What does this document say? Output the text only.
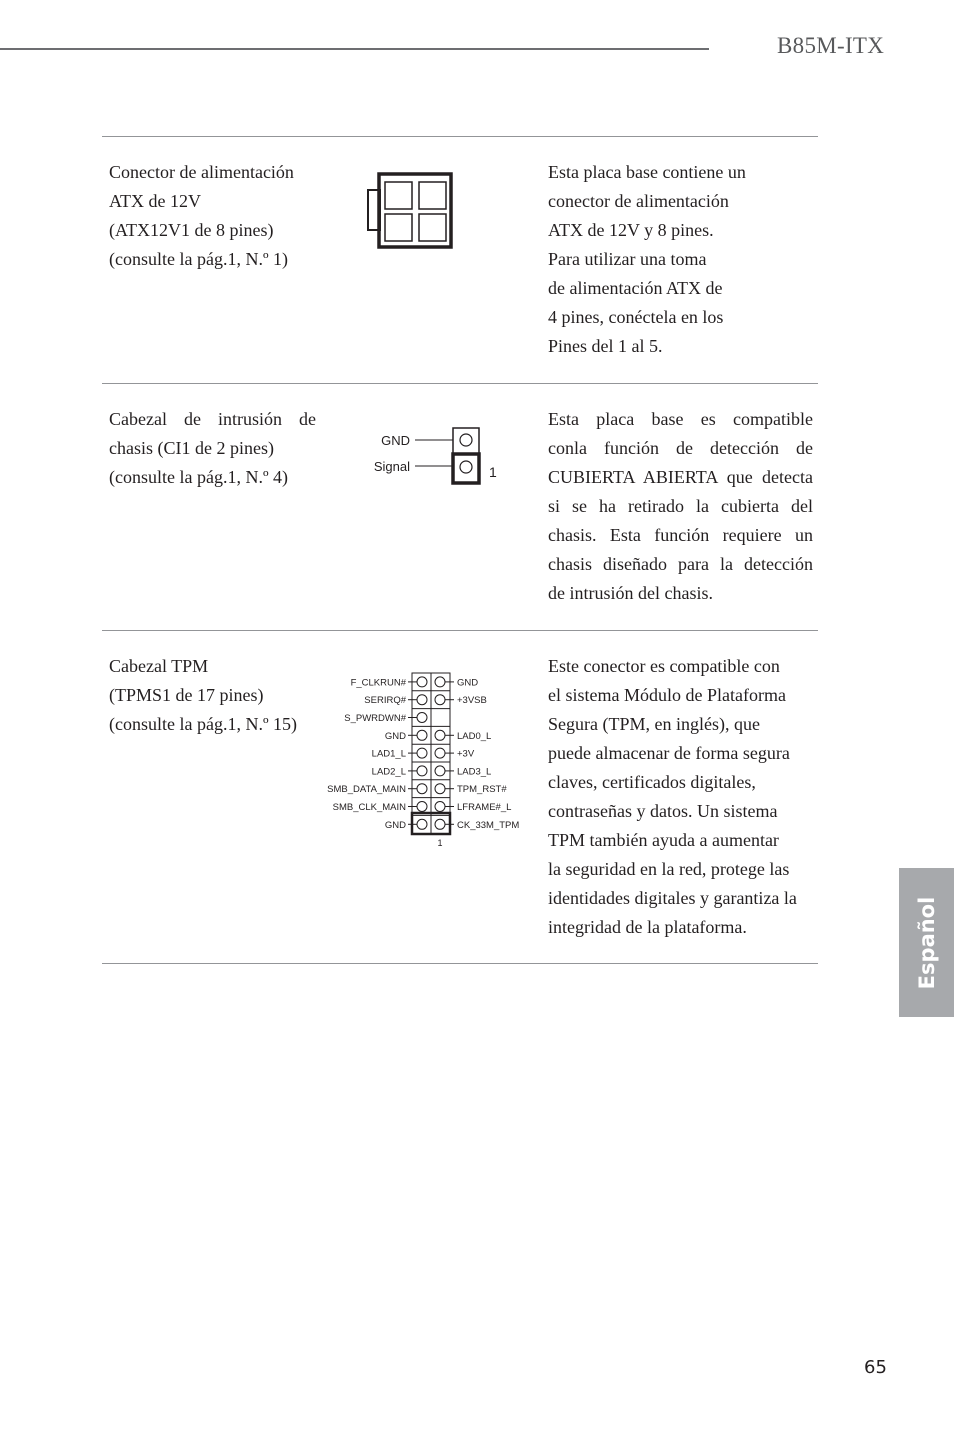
B85M-ITX
Conector de alimentación
ATX de 12V
(ATX12V1 de 8 pines)
(consulte la pág.1, N.º 1)
Esta placa base contiene un
conector de alimentación
ATX de 12V y 8 pines.
Para utilizar una toma
de alimentación ATX de
4 pines, conéctela en los
Pines del 1 al 5.
Cabezal de intrusión de
chasis (CI1 de 2 pines)
(consulte la pág.1, N.º 4)
GND
Signal	1
Esta placa base es compatible
conla función de detección de
CUBIERTA ABIERTA que detecta
si se ha retirado la cubierta del
chasis. Esta función requiere un
chasis diseñado para la detección
de intrusión del chasis.
Cabezal TPM
(TPMS1 de 17 pines)
(consulte la pág.1, N.º 15)
1
F_CLKRUN#	GND
SERIRQ#	+3VSB
S_PWRDWN#
GND	LAD0_L
LAD1_L	+3V
LAD2_L	LAD3_L
SMB_DATA_MAIN	TPM_RST#
SMB_CLK_MAIN	LFRAME#_L
GND	CK_33M_TPM
Este conector es compatible con
el sistema Módulo de Plataforma
Segura (TPM, en inglés), que
puede almacenar de forma segura
claves, certificados digitales,
contraseñas y datos. Un sistema
TPM también ayuda a aumentar
la seguridad en la red, protege las
identidades digitales y garantiza la
integridad de la plataforma.	Español
65
